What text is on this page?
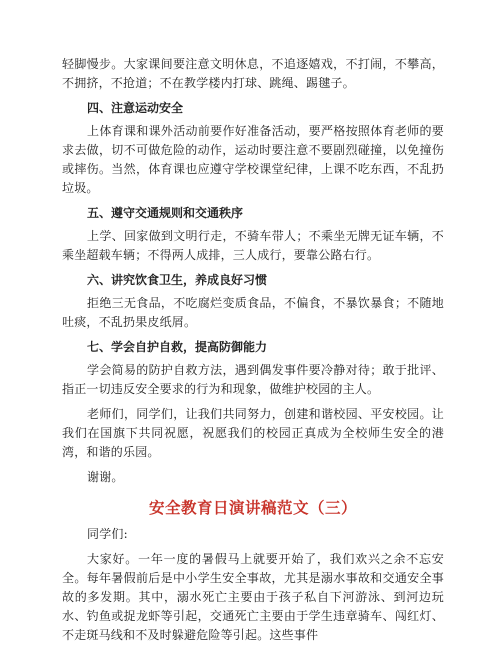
轻脚慢步。大家课间要注意文明休息，不追逐嬉戏，不打闹，不攀高，不拥挤，不抢道；不在教学楼内打球、跳绳、踢毽子。

四、注意运动安全

上体育课和课外活动前要作好准备活动，要严格按照体育老师的要求去做，切不可做危险的动作，运动时要注意不要剧烈碰撞，以免撞伤或摔伤。当然，体育课也应遵守学校课堂纪律，上课不吃东西，不乱扔垃圾。

五、遵守交通规则和交通秩序

上学、回家做到文明行走，不骑车带人；不乘坐无牌无证车辆，不乘坐超载车辆；不得两人成排，三人成行，要靠公路右行。

六、讲究饮食卫生，养成良好习惯

拒绝三无食品，不吃腐烂变质食品，不偏食，不暴饮暴食；不随地吐痰，不乱扔果皮纸屑。

七、学会自护自救，提高防御能力

学会简易的防护自救方法，遇到偶发事件要冷静对待；敢于批评、指正一切违反安全要求的行为和现象，做维护校园的主人。

老师们，同学们，让我们共同努力，创建和谐校园、平安校园。让我们在国旗下共同祝愿，祝愿我们的校园正真成为全校师生安全的港湾，和谐的乐园。

谢谢。

安全教育日演讲稿范文（三）

同学们:

大家好。一年一度的暑假马上就要开始了，我们欢兴之余不忘安全。每年暑假前后是中小学生安全事故，尤其是溺水事故和交通安全事故的多发期。其中，溺水死亡主要由于孩子私自下河游泳、到河边玩水、钓鱼或捉龙虾等引起，交通死亡主要由于学生违章骑车、闯红灯、不走斑马线和不及时躲避危险等引起。这些事件
